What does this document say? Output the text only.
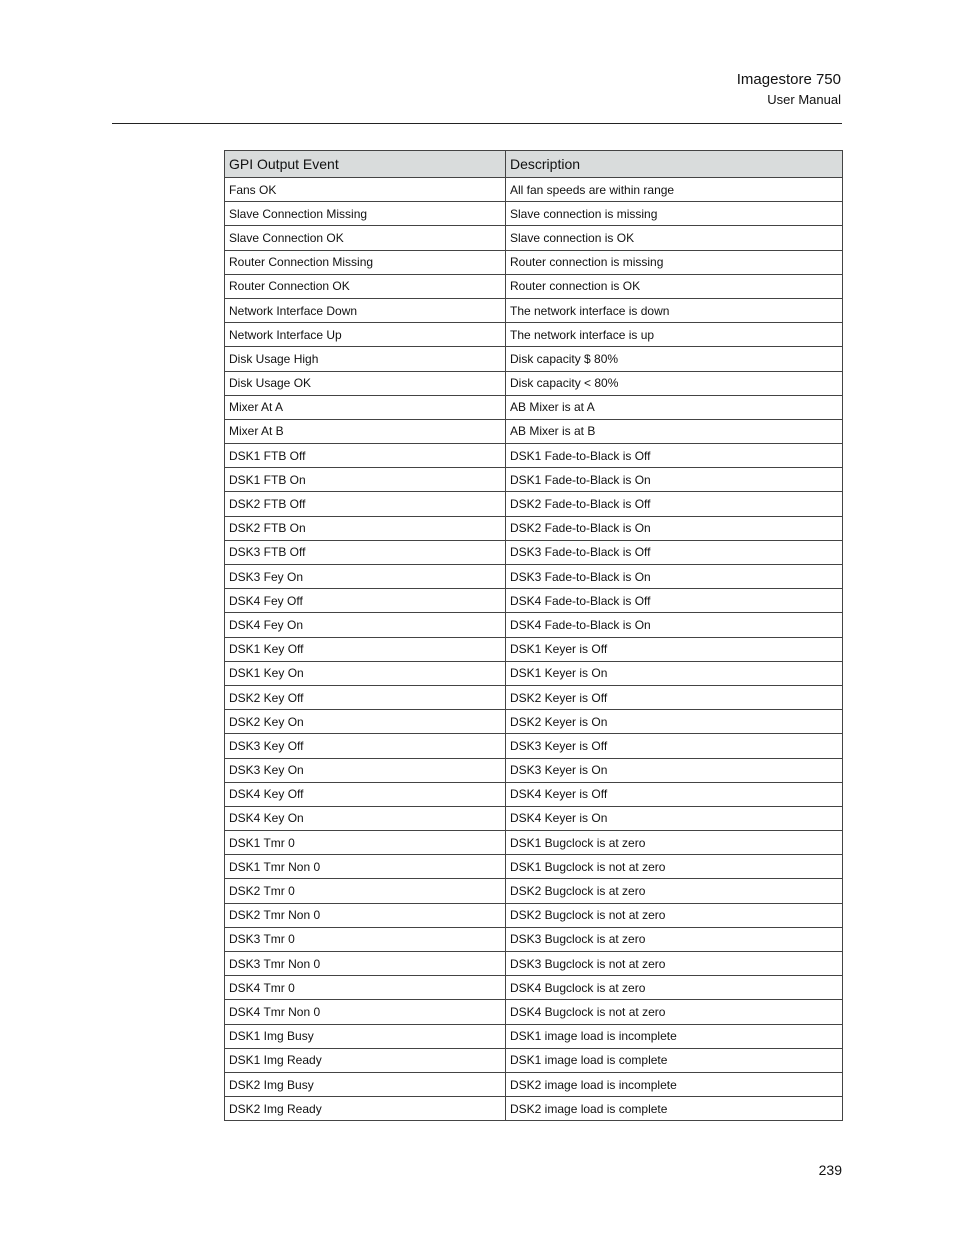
Imagestore 750
User Manual
GPI Output Event	Description
Fans OK	All fan speeds are within range
Slave Connection Missing	Slave connection is missing
Slave Connection OK	Slave connection is OK
Router Connection Missing	Router connection is missing
Router Connection OK	Router connection is OK
Network Interface Down	The network interface is down
Network Interface Up	The network interface is up
Disk Usage High	Disk capacity $ 80%
Disk Usage OK	Disk capacity < 80%
Mixer At A	AB Mixer is at A
Mixer At B	AB Mixer is at B
DSK1 FTB Off	DSK1 Fade-to-Black is Off
DSK1 FTB On	DSK1 Fade-to-Black is On
DSK2 FTB Off	DSK2 Fade-to-Black is Off
DSK2 FTB On	DSK2 Fade-to-Black is On
DSK3 FTB Off	DSK3 Fade-to-Black is Off
DSK3 Fey On	DSK3 Fade-to-Black is On
DSK4 Fey Off	DSK4 Fade-to-Black is Off
DSK4 Fey On	DSK4 Fade-to-Black is On
DSK1 Key Off	DSK1 Keyer is Off
DSK1 Key On	DSK1 Keyer is On
DSK2 Key Off	DSK2 Keyer is Off
DSK2 Key On	DSK2 Keyer is On
DSK3 Key Off	DSK3 Keyer is Off
DSK3 Key On	DSK3 Keyer is On
DSK4 Key Off	DSK4 Keyer is Off
DSK4 Key On	DSK4 Keyer is On
DSK1 Tmr 0	DSK1 Bugclock is at zero
DSK1 Tmr Non 0	DSK1 Bugclock is not at zero
DSK2 Tmr 0	DSK2 Bugclock is at zero
DSK2 Tmr Non 0	DSK2 Bugclock is not at zero
DSK3 Tmr 0	DSK3 Bugclock is at zero
DSK3 Tmr Non 0	DSK3 Bugclock is not at zero
DSK4 Tmr 0	DSK4 Bugclock is at zero
DSK4 Tmr Non 0	DSK4 Bugclock is not at zero
DSK1 Img Busy	DSK1 image load is incomplete
DSK1 Img Ready	DSK1 image load is complete
DSK2 Img Busy	DSK2 image load is incomplete
DSK2 Img Ready	DSK2 image load is complete
239
